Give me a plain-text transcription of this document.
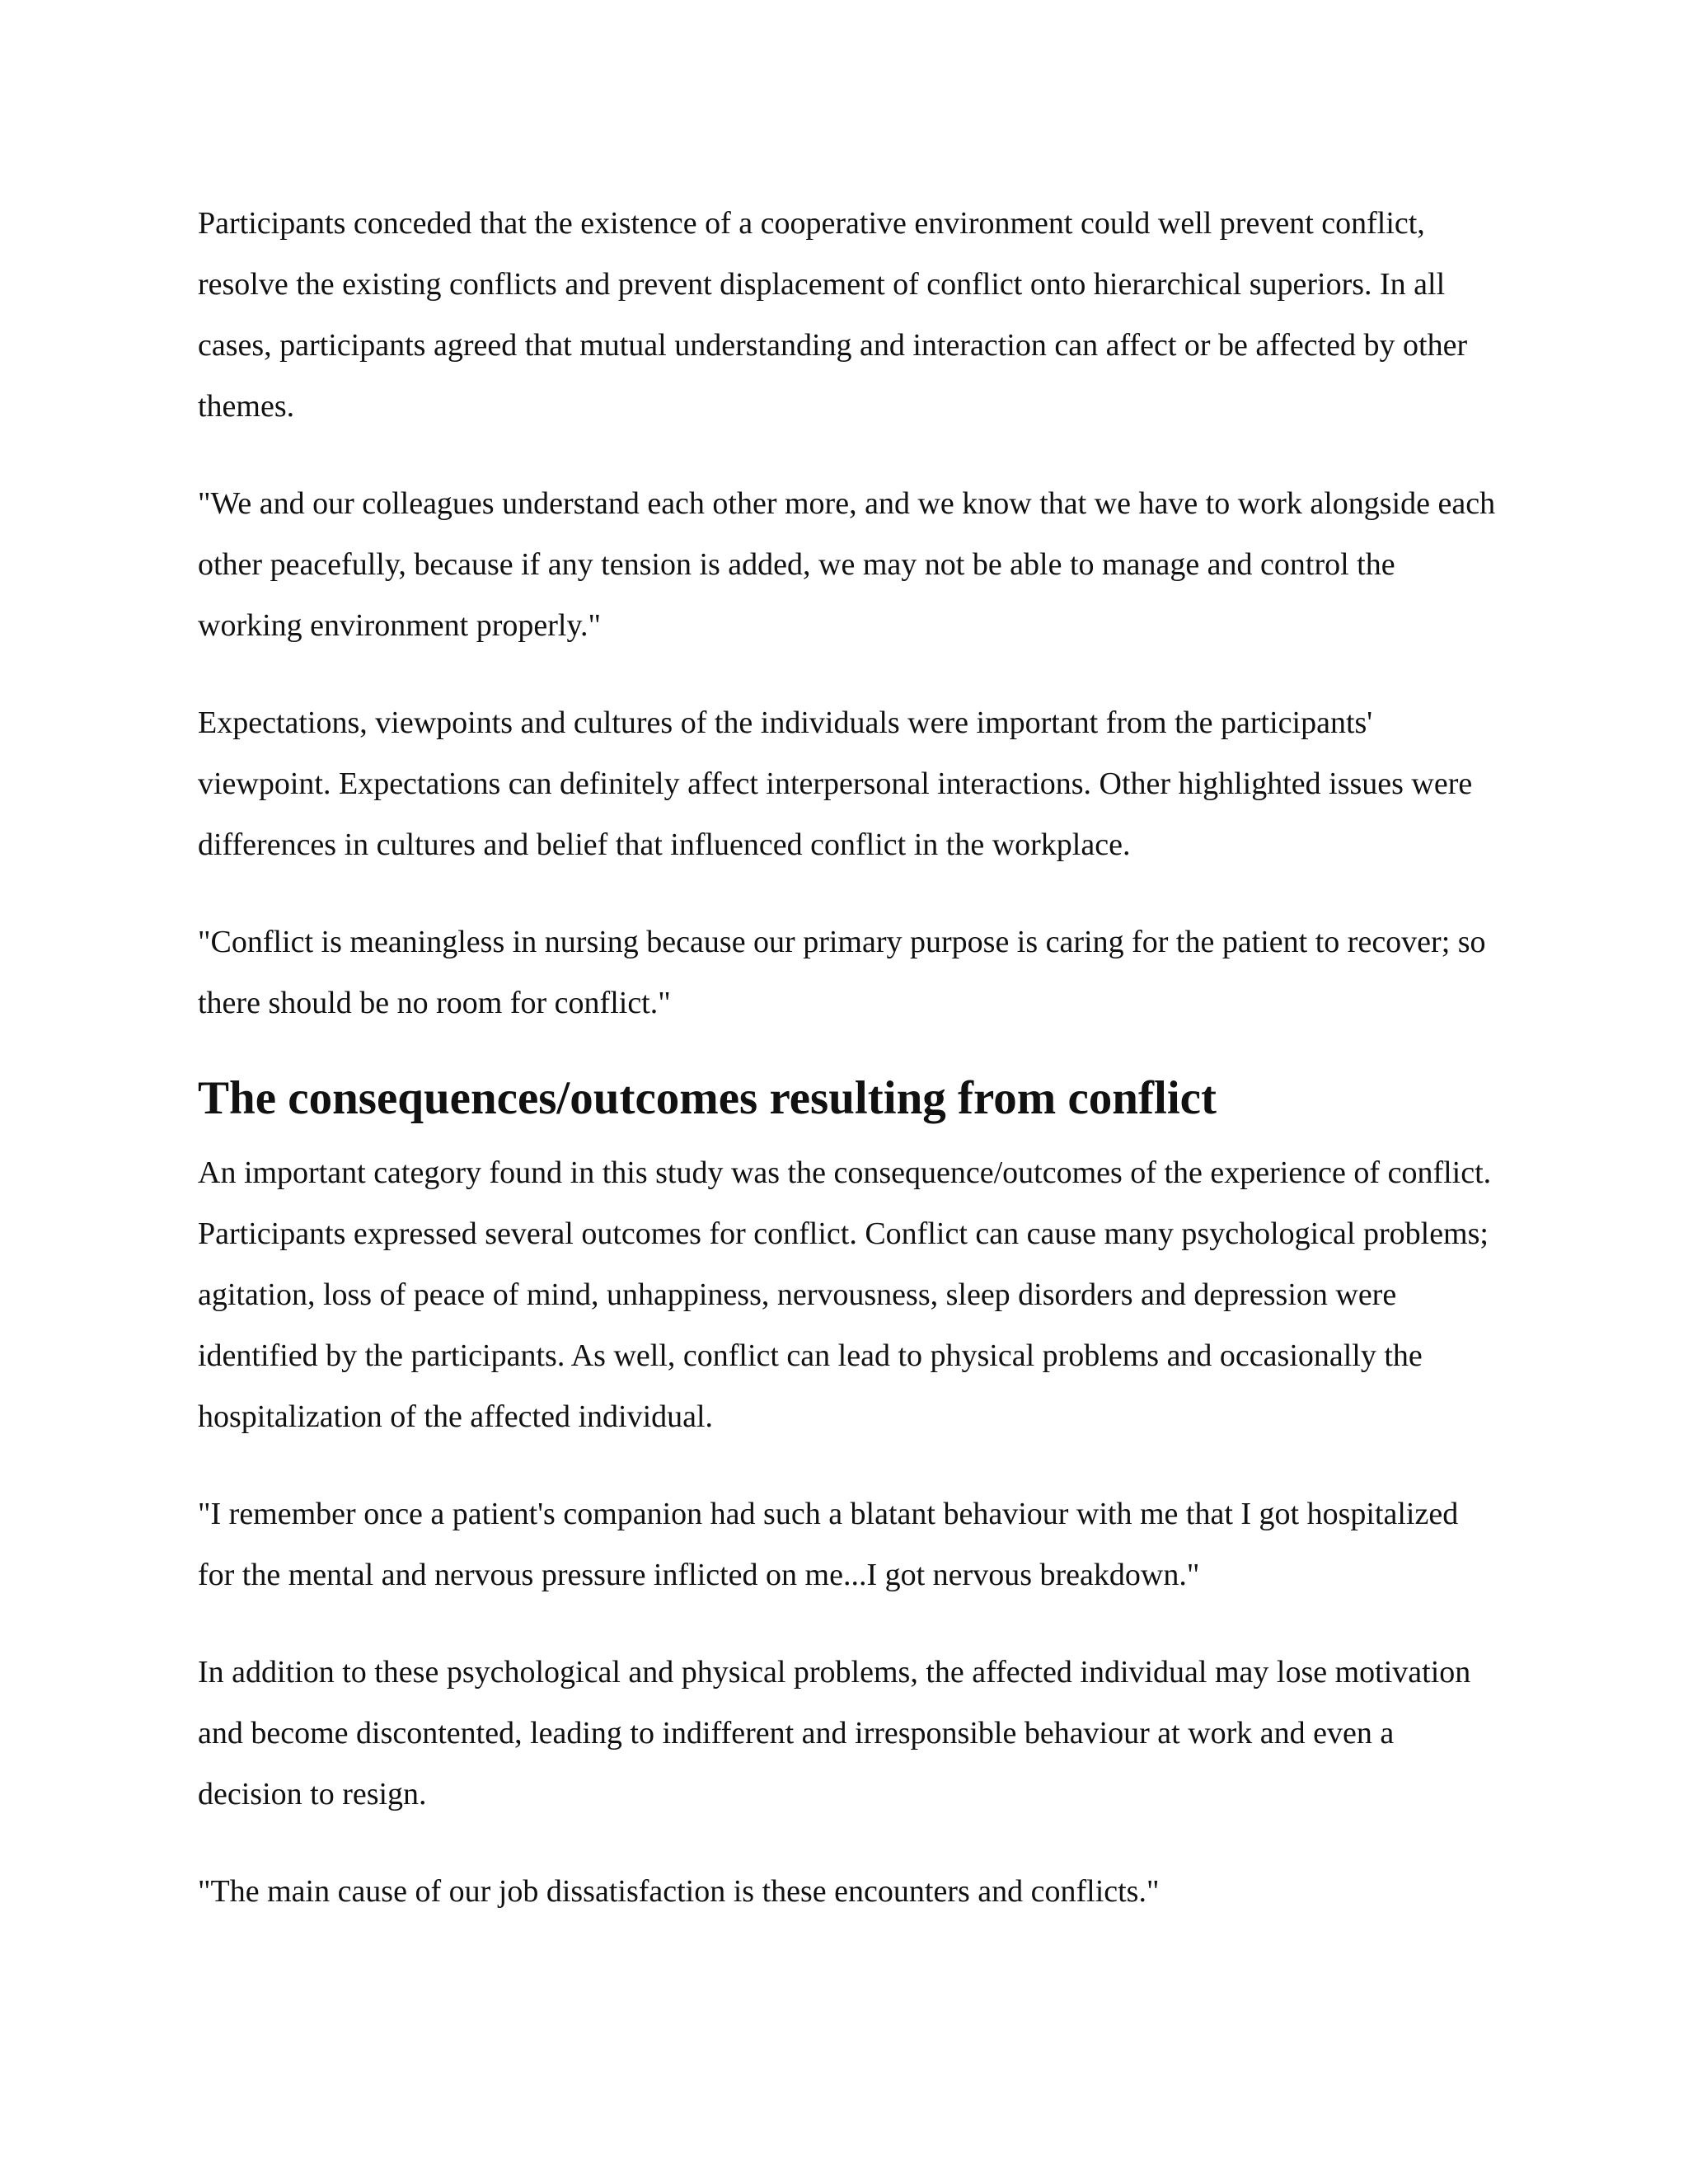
Participants conceded that the existence of a cooperative environment could well prevent conflict, resolve the existing conflicts and prevent displacement of conflict onto hierarchical superiors. In all cases, participants agreed that mutual understanding and interaction can affect or be affected by other themes.

"We and our colleagues understand each other more, and we know that we have to work alongside each other peacefully, because if any tension is added, we may not be able to manage and control the working environment properly."

Expectations, viewpoints and cultures of the individuals were important from the participants' viewpoint. Expectations can definitely affect interpersonal interactions. Other highlighted issues were differences in cultures and belief that influenced conflict in the workplace.

"Conflict is meaningless in nursing because our primary purpose is caring for the patient to recover; so there should be no room for conflict."

The consequences/outcomes resulting from conflict

An important category found in this study was the consequence/outcomes of the experience of conflict. Participants expressed several outcomes for conflict. Conflict can cause many psychological problems; agitation, loss of peace of mind, unhappiness, nervousness, sleep disorders and depression were identified by the participants. As well, conflict can lead to physical problems and occasionally the hospitalization of the affected individual.

"I remember once a patient's companion had such a blatant behaviour with me that I got hospitalized for the mental and nervous pressure inflicted on me...I got nervous breakdown."

In addition to these psychological and physical problems, the affected individual may lose motivation and become discontented, leading to indifferent and irresponsible behaviour at work and even a decision to resign.

"The main cause of our job dissatisfaction is these encounters and conflicts."
